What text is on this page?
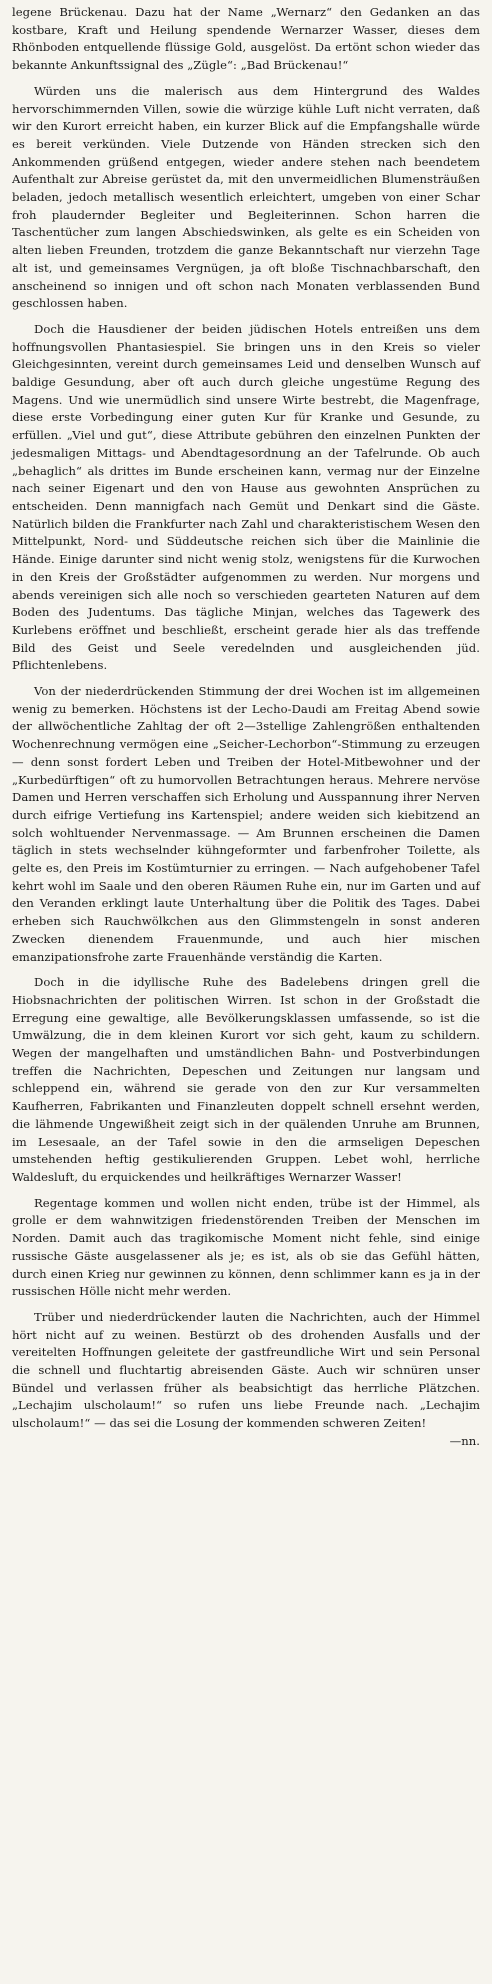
legene Brückenau. Dazu hat der Name „Wernarz“ den Gedanken an das kostbare, Kraft und Heilung spendende Wernarzer Wasser, dieses dem Rhönboden entquellende flüssige Gold, ausgelöst. Da ertönt schon wieder das bekannte Ankunftssignal des „Zügle“: „Bad Brückenau!“

Würden uns die malerisch aus dem Hintergrund des Waldes hervorschimmernden Villen, sowie die würzige kühle Luft nicht verraten, daß wir den Kurort erreicht haben, ein kurzer Blick auf die Empfangshalle würde es bereit verkünden. Viele Dutzende von Händen strecken sich den Ankommenden grüßend entgegen, wieder andere stehen nach beendetem Aufenthalt zur Abreise gerüstet da, mit den unvermeidlichen Blumensträußen beladen, jedoch metallisch wesentlich erleichtert, umgeben von einer Schar froh plaudernder Begleiter und Begleiterinnen. Schon harren die Taschentücher zum langen Abschiedswinken, als gelte es ein Scheiden von alten lieben Freunden, trotzdem die ganze Bekanntschaft nur vierzehn Tage alt ist, und gemeinsames Vergnügen, ja oft bloße Tischnachbarschaft, den anscheinend so innigen und oft schon nach Monaten verblassenden Bund geschlossen haben.

Doch die Hausdiener der beiden jüdischen Hotels entreißen uns dem hoffnungsvollen Phantasiespiel. Sie bringen uns in den Kreis so vieler Gleichgesinnten, vereint durch gemeinsames Leid und denselben Wunsch auf baldige Gesundung, aber oft auch durch gleiche ungestüme Regung des Magens. Und wie unermüdlich sind unsere Wirte bestrebt, die Magenfrage, diese erste Vorbedingung einer guten Kur für Kranke und Gesunde, zu erfüllen. „Viel und gut“, diese Attribute gebühren den einzelnen Punkten der jedesmaligen Mittags- und Abendtagesordnung an der Tafelrunde. Ob auch „behaglich“ als drittes im Bunde erscheinen kann, vermag nur der Einzelne nach seiner Eigenart und den von Hause aus gewohnten Ansprüchen zu entscheiden. Denn mannigfach nach Gemüt und Denkart sind die Gäste. Natürlich bilden die Frankfurter nach Zahl und charakteristischem Wesen den Mittelpunkt, Nord- und Süddeutsche reichen sich über die Mainlinie die Hände. Einige darunter sind nicht wenig stolz, wenigstens für die Kurwochen in den Kreis der Großstädter aufgenommen zu werden. Nur morgens und abends vereinigen sich alle noch so verschieden gearteten Naturen auf dem Boden des Judentums. Das tägliche Minjan, welches das Tagewerk des Kurlebens eröffnet und beschließt, erscheint gerade hier als das treffende Bild des Geist und Seele veredelnden und ausgleichenden jüd. Pflichtenlebens.

Von der niederdrückenden Stimmung der drei Wochen ist im allgemeinen wenig zu bemerken. Höchstens ist der Lecho-Daudi am Freitag Abend sowie der allwöchentliche Zahltag der oft 2—3stellige Zahlengrößen enthaltenden Wochenrechnung vermögen eine „Seicher-Lechorbon“-Stimmung zu erzeugen — denn sonst fordert Leben und Treiben der Hotel-Mitbewohner und der „Kurbedürftigen“ oft zu humorvollen Betrachtungen heraus. Mehrere nervöse Damen und Herren verschaffen sich Erholung und Ausspannung ihrer Nerven durch eifrige Vertiefung ins Kartenspiel; andere weiden sich kiebitzend an solch wohltuender Nervenmassage. — Am Brunnen erscheinen die Damen täglich in stets wechselnder kühngeformter und farbenfroher Toilette, als gelte es, den Preis im Kostümturnier zu erringen. — Nach aufgehobener Tafel kehrt wohl im Saale und den oberen Räumen Ruhe ein, nur im Garten und auf den Veranden erklingt laute Unterhaltung über die Politik des Tages. Dabei erheben sich Rauchwölkchen aus den Glimmstengeln in sonst anderen Zwecken dienendem Frauenmunde, und auch hier mischen emanzipationsfrohe zarte Frauenhände verständig die Karten.

Doch in die idyllische Ruhe des Badelebens dringen grell die Hiobsnachrichten der politischen Wirren. Ist schon in der Großstadt die Erregung eine gewaltige, alle Bevölkerungsklassen umfassende, so ist die Umwälzung, die in dem kleinen Kurort vor sich geht, kaum zu schildern. Wegen der mangelhaften und umständlichen Bahn- und Postverbindungen treffen die Nachrichten, Depeschen und Zeitungen nur langsam und schleppend ein, während sie gerade von den zur Kur versammelten Kaufherren, Fabrikanten und Finanzleuten doppelt schnell ersehnt werden, die lähmende Ungewißheit zeigt sich in der quälenden Unruhe am Brunnen, im Lesesaale, an der Tafel sowie in den die armseligen Depeschen umstehenden heftig gestikulierenden Gruppen. Lebet wohl, herrliche Waldesluft, du erquickendes und heilkräftiges Wernarzer Wasser!

Regentage kommen und wollen nicht enden, trübe ist der Himmel, als grolle er dem wahnwitzigen friedenstörenden Treiben der Menschen im Norden. Damit auch das tragikomische Moment nicht fehle, sind einige russische Gäste ausgelassener als je; es ist, als ob sie das Gefühl hätten, durch einen Krieg nur gewinnen zu können, denn schlimmer kann es ja in der russischen Hölle nicht mehr werden.

Trüber und niederdrückender lauten die Nachrichten, auch der Himmel hört nicht auf zu weinen. Bestürzt ob des drohenden Ausfalls und der vereitelten Hoffnungen geleitete der gastfreundliche Wirt und sein Personal die schnell und fluchtartig abreisenden Gäste. Auch wir schnüren unser Bündel und verlassen früher als beabsichtigt das herrliche Plätzchen. „Lechajim ulscholaum!“ so rufen uns liebe Freunde nach. „Lechajim ulscholaum!“ — das sei die Losung der kommenden schweren Zeiten!
—nn.
